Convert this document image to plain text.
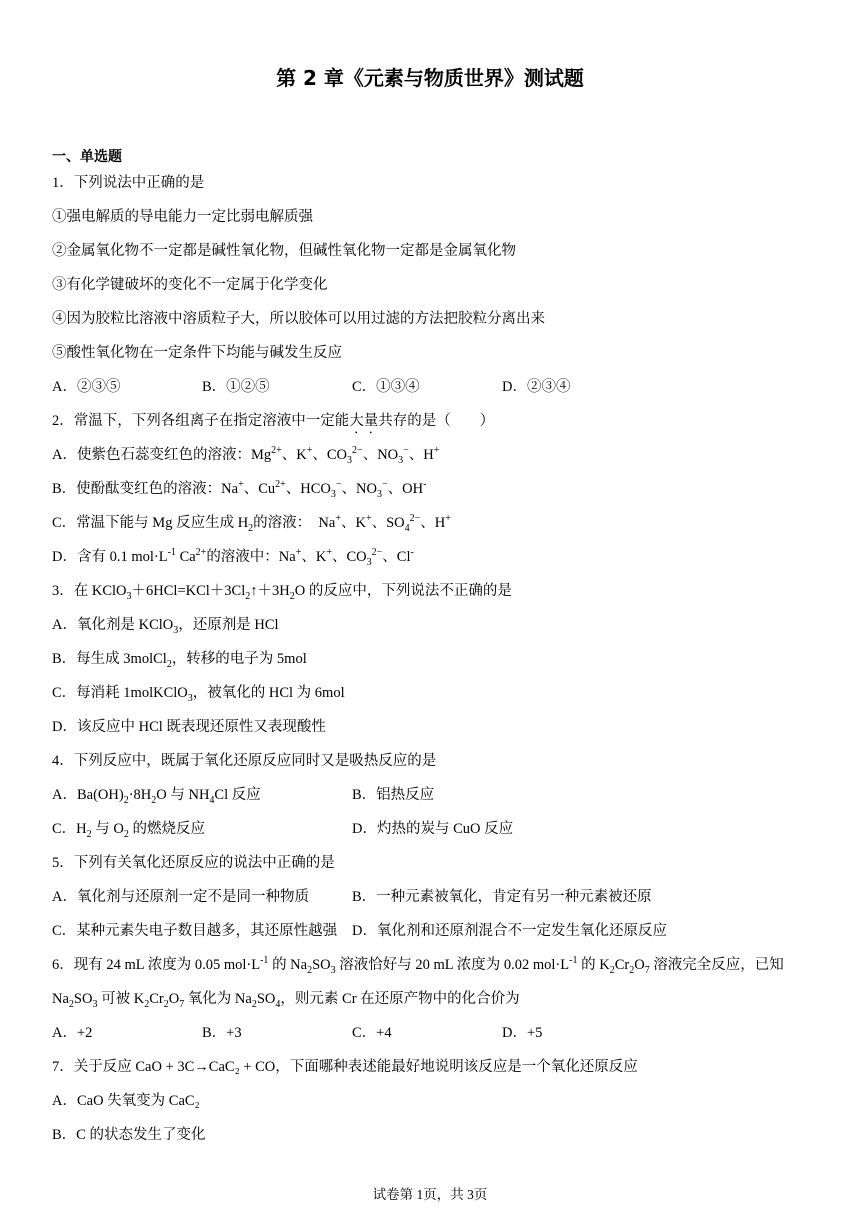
第 2 章《元素与物质世界》测试题
一、单选题
1．下列说法中正确的是
①强电解质的导电能力一定比弱电解质强
②金属氧化物不一定都是碱性氧化物，但碱性氧化物一定都是金属氧化物
③有化学键破坏的变化不一定属于化学变化
④因为胶粒比溶液中溶质粒子大，所以胶体可以用过滤的方法把胶粒分离出来
⑤酸性氧化物在一定条件下均能与碱发生反应
A．②③⑤	B．①②⑤	C．①③④	D．②③④
2．常温下，下列各组离子在指定溶液中一定能大量共存的是（　　）
A．使紫色石蕊变红色的溶液：$Mg^{2+}$、K+、$CO_3^{2-}$、$NO_3^-$、H+
B．使酚酞变红色的溶液：Na+、$Cu^{2+}$、$HCO_3^-$、$NO_3^-$、OH-
C．常温下能与 Mg 反应生成 $H_2$的溶液： Na+、K+、$SO_4^{2-}$、H+
D．含有 0.1 $mol\cdot L^{-1}$ $Ca^{2+}$的溶液中：Na+、K+、$CO_3^{2-}$、Cl-
3．在 $KClO_3+6HCl=KCl+3Cl_2↑+3H_2O$ 的反应中，下列说法不正确的是
A．氧化剂是 KClO$_3$，还原剂是 HCl
B．每生成 3molCl$_2$，转移的电子为 5mol
C．每消耗 1molKClO$_3$，被氧化的 HCl 为 6mol
D．该反应中 HCl 既表现还原性又表现酸性
4．下列反应中，既属于氧化还原反应同时又是吸热反应的是
A．$Ba(OH)_2\cdot 8H_2O$ 与 $NH_4Cl$ 反应	B．铝热反应
C．$H_2$ 与 $O_2$ 的燃烧反应	D．灼热的炭与 CuO 反应
5．下列有关氧化还原反应的说法中正确的是
A．氧化剂与还原剂一定不是同一种物质	B．一种元素被氧化，肯定有另一种元素被还原
C．某种元素失电子数目越多，其还原性越强 D．氧化剂和还原剂混合不一定发生氧化还原反应
6．现有 24 mL 浓度为 0.05 $mol\cdot L^{-1}$ 的 $Na_2SO_3$ 溶液恰好与 20 mL 浓度为 0.02 $mol\cdot L^{-1}$ 的 $K_2Cr_2O_7$ 溶液完全反应，已知
$Na_2SO_3$ 可被 $K_2Cr_2O_7$ 氧化为 $Na_2SO_4$，则元素 Cr 在还原产物中的化合价为
A．+2	B．+3	C．+4	D．+5
7．关于反应 CaO + 3C→CaC₂ + CO，下面哪种表述能最好地说明该反应是一个氧化还原反应
A．CaO 失氧变为 CaC₂
B．C 的状态发生了变化
试卷第 1页，共 3页
